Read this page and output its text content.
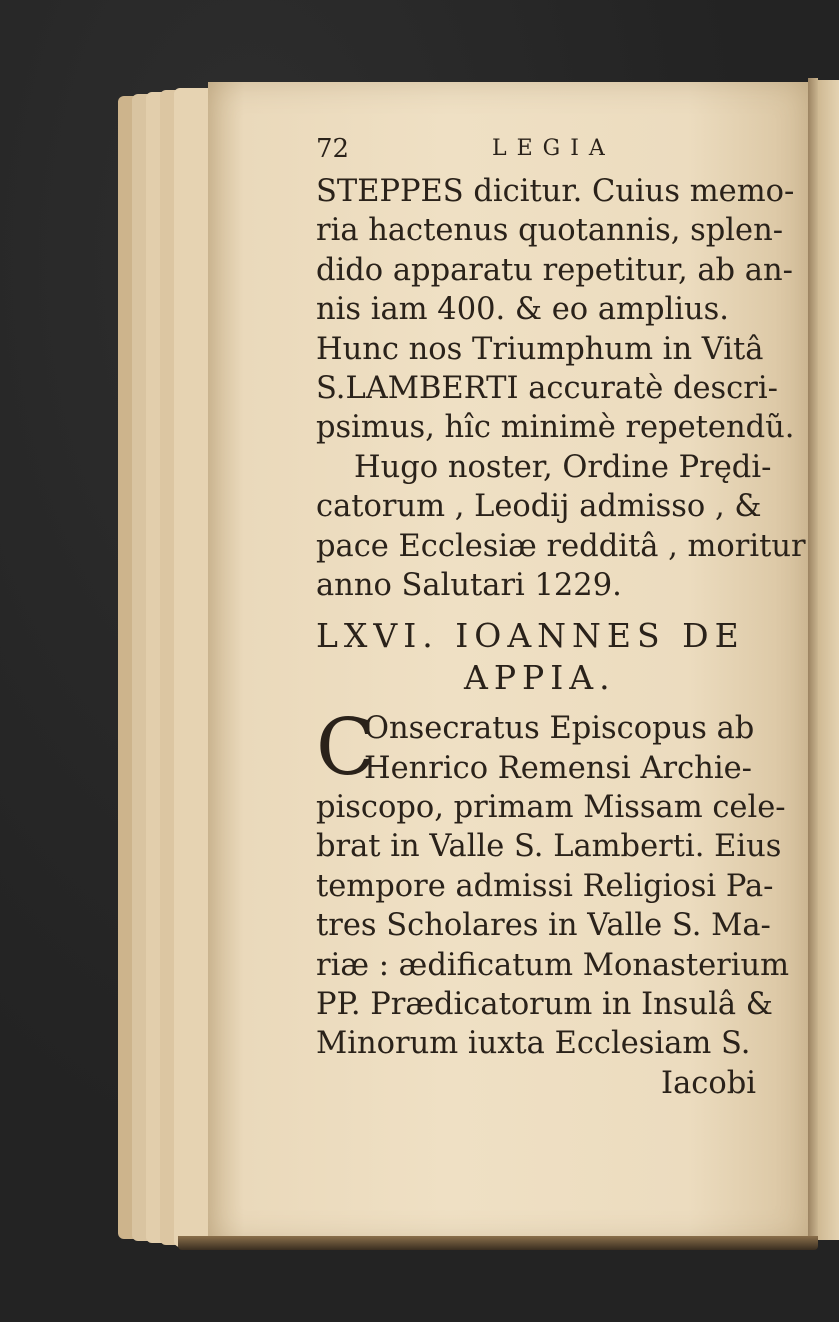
72	LEGIA
STEPPES dicitur. Cuius memo-
ria hactenus quotannis, splen-
dido apparatu repetitur, ab an-
nis iam 400. & eo amplius.
Hunc nos Triumphum in Vitâ
S.LAMBERTI accuratè descri-
psimus, hîc minimè repetendũ.
Hugo noster, Ordine Prędi-
catorum , Leodij admisso , &
pace Ecclesiæ redditâ , moritur
anno Salutari 1229.
LXVI. IOANNES DE
APPIA.
C
Onsecratus Episcopus ab
Henrico Remensi Archie-
piscopo, primam Missam cele-
brat in Valle S. Lamberti. Eius
tempore admissi Religiosi Pa-
tres Scholares in Valle S. Ma-
riæ : ædificatum Monasterium
PP. Prædicatorum in Insulâ &
Minorum iuxta Ecclesiam S.
Iacobi
